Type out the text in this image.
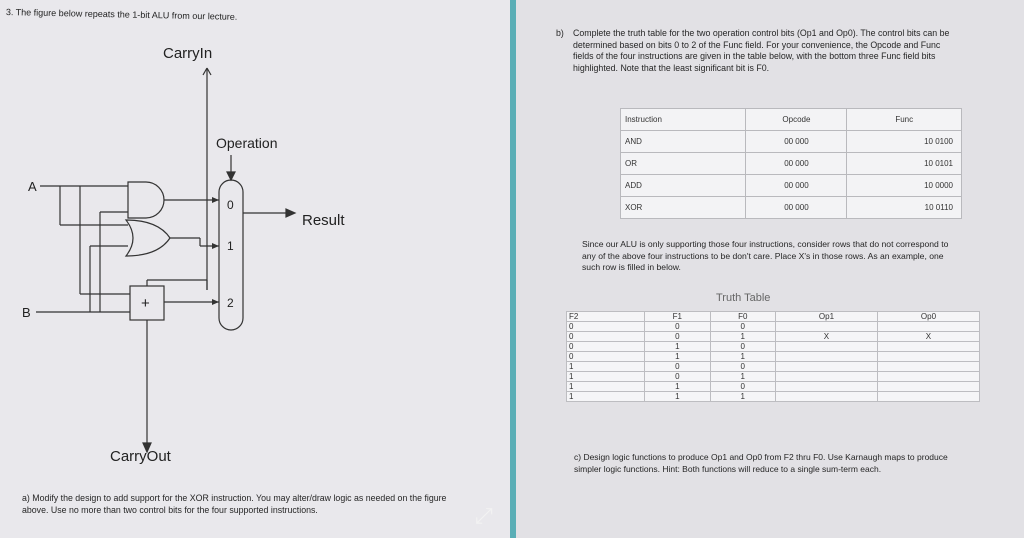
3. The figure below repeats the 1-bit ALU from our lecture.
CarryIn
Operation
A
B
+
0
1
2
Result
CarryOut
a) Modify the design to add support for the XOR instruction. You may alter/draw logic as needed on the figure above. Use no more than two control bits for the four supported instructions.	⤢
b) Complete the truth table for the two operation control bits (Op1 and Op0). The control bits can be determined based on bits 0 to 2 of the Func field. For your convenience, the Opcode and Func fields of the four instructions are given in the table below, with the bottom three Func field bits highlighted. Note that the least significant bit is F0.
Instruction	Opcode	Func
AND	00 000	10 0100
OR	00 000	10 0101
ADD	00 000	10 0000
XOR	00 000	10 0110
Since our ALU is only supporting those four instructions, consider rows that do not correspond to any of the above four instructions to be don't care. Place X's in those rows. As an example, one such row is filled in below.
Truth Table
F2	F1	F0	Op1	Op0
0	0	0		
0	0	1	X	X
0	1	0		
0	1	1		
1	0	0		
1	0	1		
1	1	0		
1	1	1		
c) Design logic functions to produce Op1 and Op0 from F2 thru F0. Use Karnaugh maps to produce simpler logic functions. Hint: Both functions will reduce to a single sum-term each.
